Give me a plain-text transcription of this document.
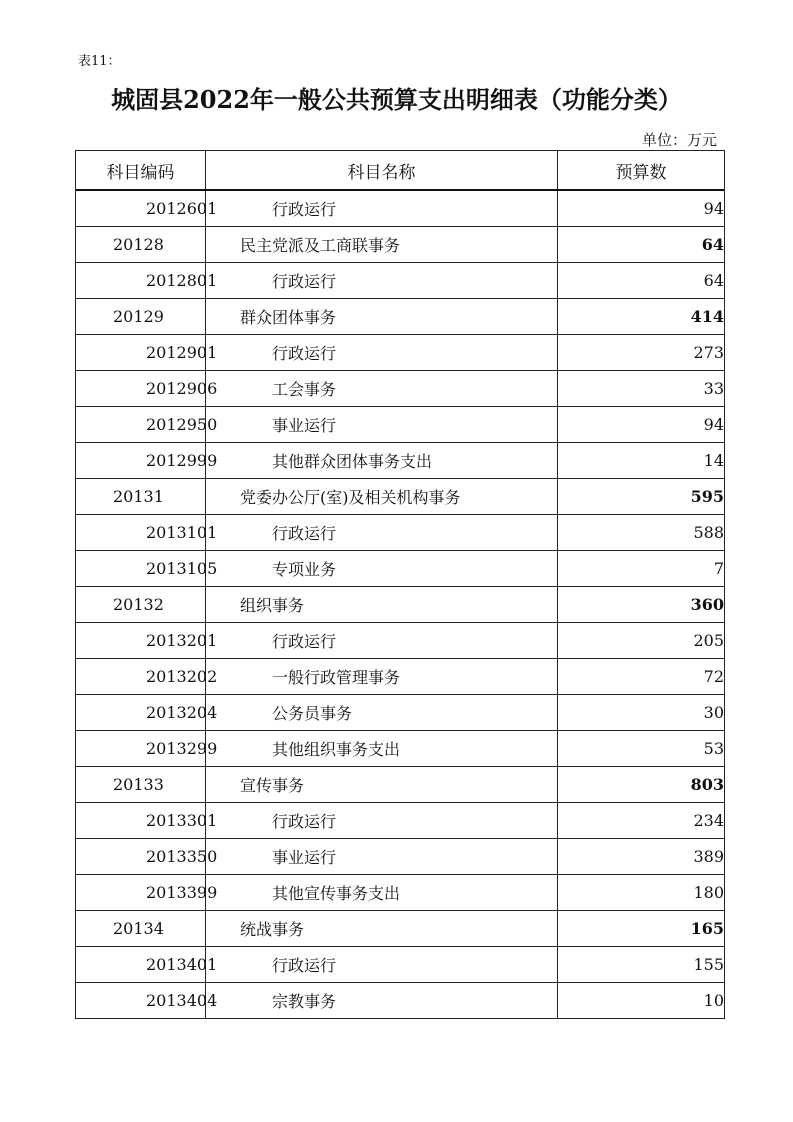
表11：
城固县2022年一般公共预算支出明细表（功能分类）
单位：万元
科目编码	科目名称	预算数
2012601	行政运行	94
20128	民主党派及工商联事务	64
2012801	行政运行	64
20129	群众团体事务	414
2012901	行政运行	273
2012906	工会事务	33
2012950	事业运行	94
2012999	其他群众团体事务支出	14
20131	党委办公厅(室)及相关机构事务	595
2013101	行政运行	588
2013105	专项业务	7
20132	组织事务	360
2013201	行政运行	205
2013202	一般行政管理事务	72
2013204	公务员事务	30
2013299	其他组织事务支出	53
20133	宣传事务	803
2013301	行政运行	234
2013350	事业运行	389
2013399	其他宣传事务支出	180
20134	统战事务	165
2013401	行政运行	155
2013404	宗教事务	10
